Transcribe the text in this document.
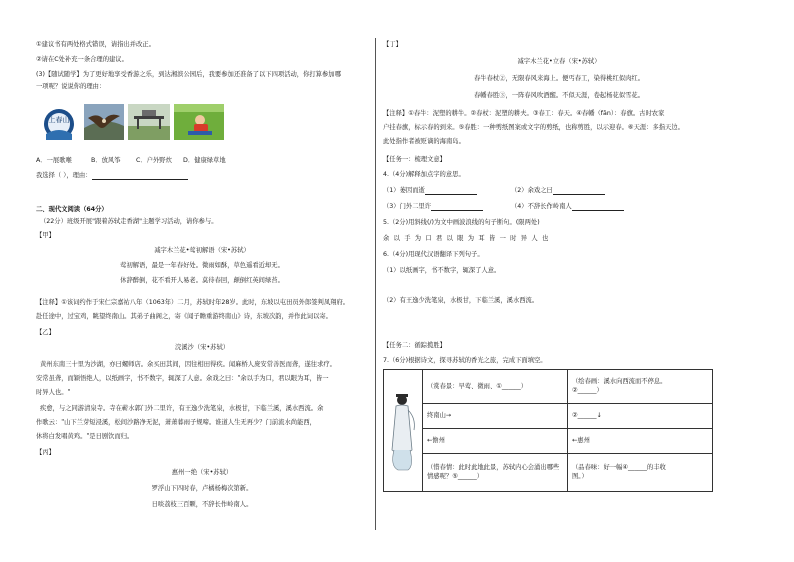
①建议书有两处格式错误，请指出并改正。
②请在C处补充一条合理的建议。
(3)【随试随学】为了更好地享受香游之乐，到达湘滨公园后，我要参加还准备了以下四项活动，你打算参加哪
一项呢？说说你的理由：
上春山
A．一展歌喉	B．放风筝 C．户外野炊 D．健康绿草地
我选择（ ），理由：
二、现代文阅读（64分）
（22分）班级开展"跟着苏轼走香湖"主题学习活动，请你参与。
【甲】
减字木兰花•莺初解语（宋•苏轼）
莺初解语，最是一年春好处。微雨如酥，草色遥看近却无。
休辞醉倒，花不看开人易老。莫待春回，颠倒红英间绿苔。
【注释】①该词约作于宋仁宗嘉祐八年（1063年）二月，苏轼时年28岁。此时，东坡以屯田员外郎签判凤翔府。
赴任途中，过宝鸡，眺望终南山。其弟子曲阁之，寄《闻子瞻重游终南山》诗，东坡次韵，并作此词以寄。
【乙】
浣溪沙（宋•苏轼）
黄州东南三十里为沙湖，亦曰螺师店。余买田其间，因往相田得疾。闻麻桥人庞安常善医而聋，遂往求疗。
安常虽聋，而颖悟绝人，以纸画字，书不数字，辄深了人意。余戏之曰："余以手为口，君以眼为耳，皆一
时异人也。"
疾愈，与之同游清泉寺。寺在蕲水郭门外二里许，有王逸少洗笔泉，水极甘，下临兰溪，溪水西流。余
作歌云："山下兰芽短浸溪，松间沙路净无泥，萧萧暮雨子规啼。谁道人生无再少？门前流水尚能西，
休将白发唱黄鸡。"是日剧饮而归。
【丙】
惠州一绝（宋•苏轼）
罗浮山下四时春，卢橘杨梅次第新。
日啖荔枝三百颗，不辞长作岭南人。
【丁】
减字木兰花•立春（宋•苏轼）
春牛春杖②，无限春风来海上。便丐春工，染得桃红似肉红。
春幡春胜③，一阵春风吹酒醒。不似天涯，卷起杨花似雪花。
【注释】①春牛：泥塑的耕牛。②春杖：泥塑的耕夫。③春工：春天。④春幡（fān）：春旗。古时农家
户挂春旗，标示春的到来。⑤春胜：一种剪纸图案或文字的剪纸，也称剪胜，以示迎春。⑥天涯：多指天边。
此处指作者被贬谪的海南岛。
【任务一：梳理文意】
4.（4分)解释加点字的意思。
（1）萎因而逝	（2）余戏之曰
（3）门外二里许	（4）不辞长作岭南人
5.（2分)用斜线(/)为文中画波浪线的句子断句。(限两处)
余以手为口君以眼为耳皆一时异人也
6.（4分)用现代汉语翻译下列句子。
（1）以纸画字，书不数字，辄深了人意。
（2）有王逸少洗笔泉，水极甘，下临兰溪，溪水西流。
【任务二：循踪揽胜】
7.（6分)根据诗文，探寻苏轼的香光之旅，完成下面填空。
	（赏春景：早莺、微雨、①______）	（绘春画：溪水向西流而不停息。
②______）
	终南山→	②______↓
	←儋州	←惠州
	（惜春情：此时此地此景，苏轼内心会涌出哪些
情感呢？⑤______）	（品春味：好一幅④______的丰收
图。）
